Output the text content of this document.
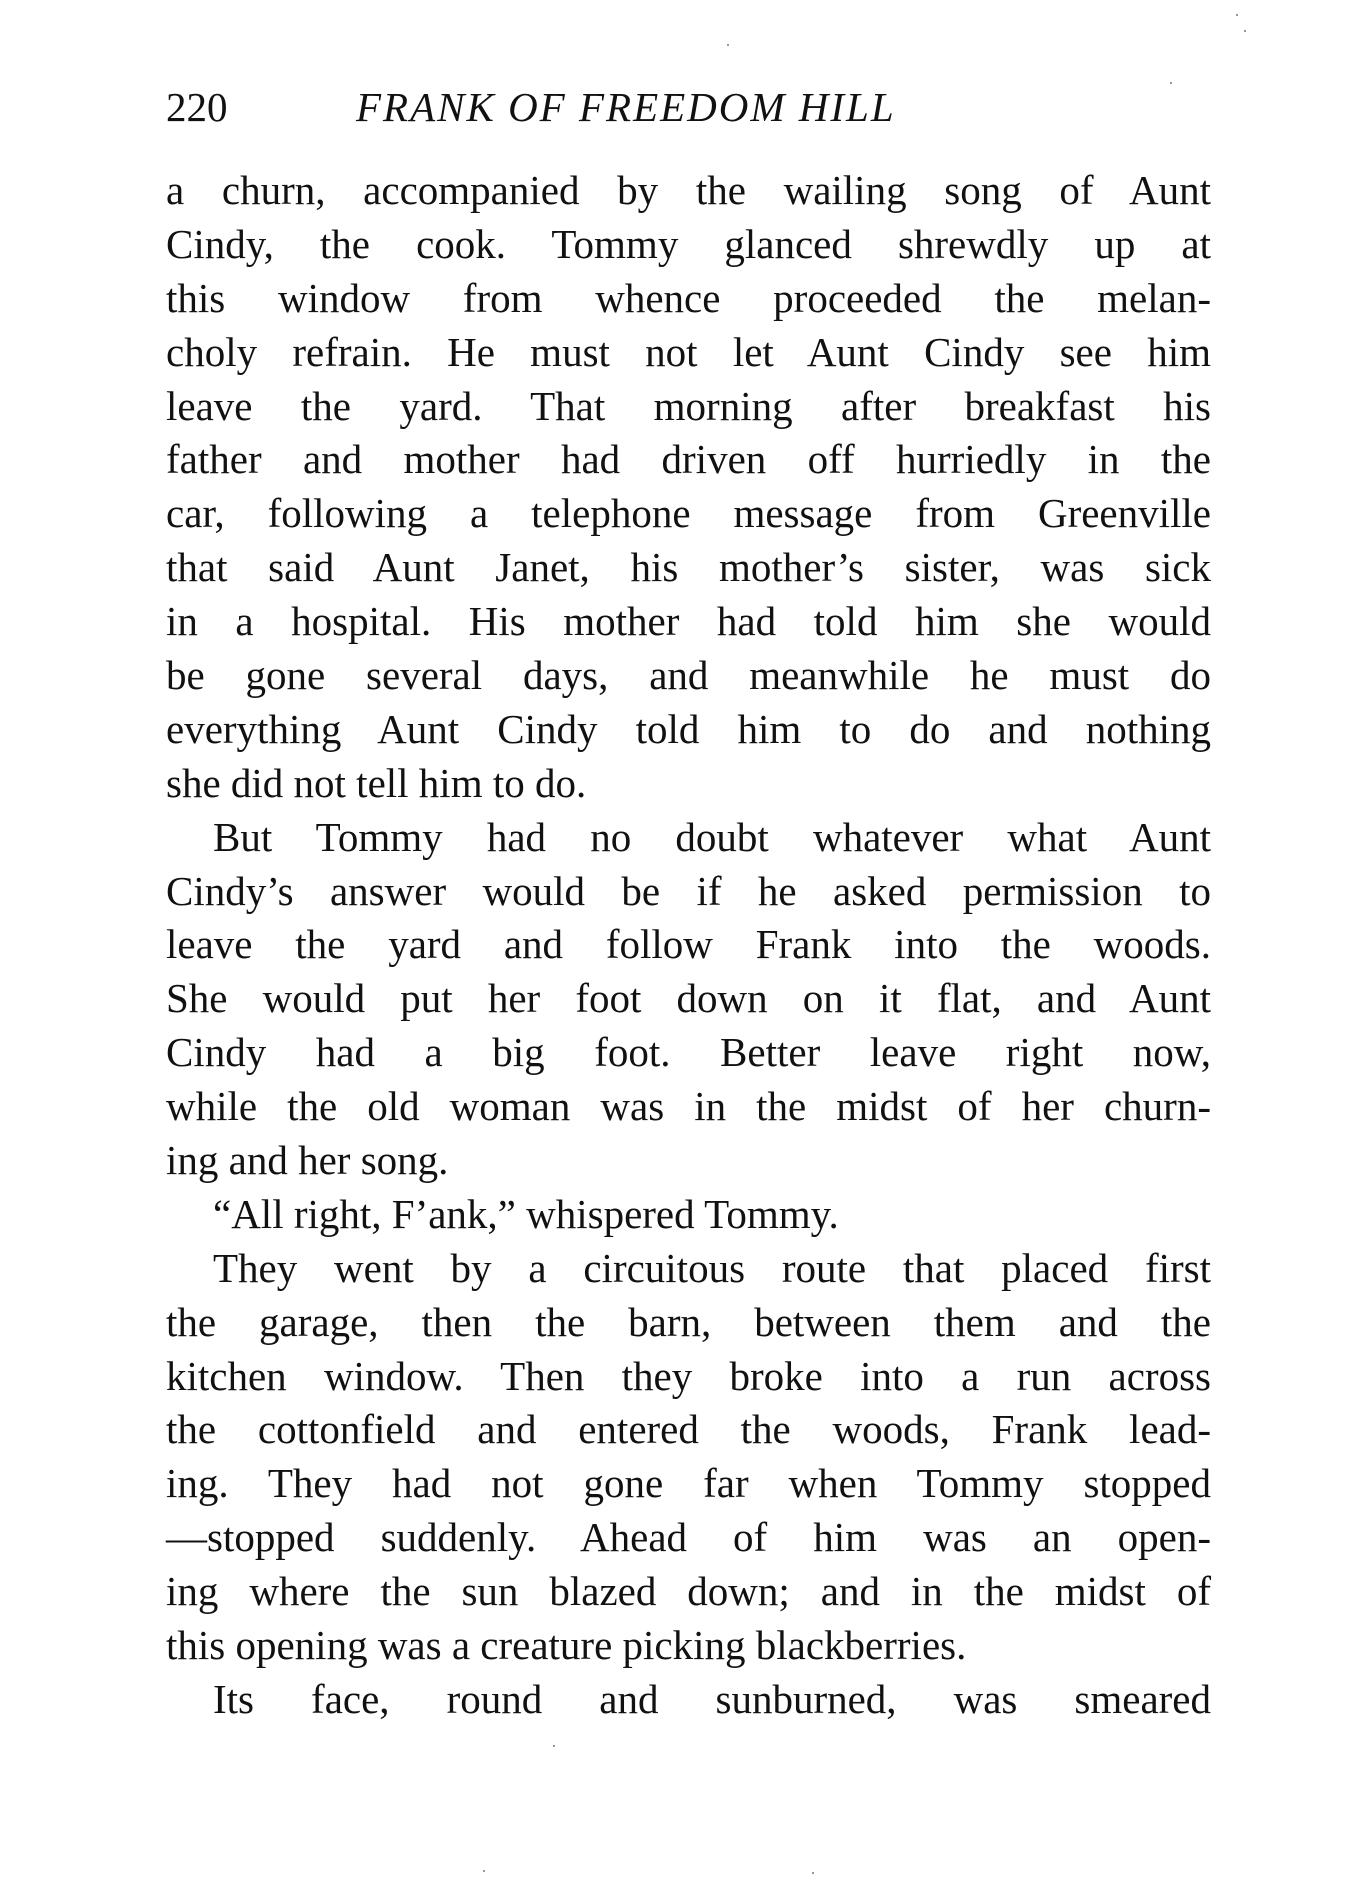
220	FRANK OF FREEDOM HILL
a churn, accompanied by the wailing song of Aunt
Cindy, the cook. Tommy glanced shrewdly up at
this window from whence proceeded the melan-
choly refrain. He must not let Aunt Cindy see him
leave the yard. That morning after breakfast his
father and mother had driven off hurriedly in the
car, following a telephone message from Greenville
that said Aunt Janet, his mother’s sister, was sick
in a hospital. His mother had told him she would
be gone several days, and meanwhile he must do
everything Aunt Cindy told him to do and nothing
she did not tell him to do.
But Tommy had no doubt whatever what Aunt
Cindy’s answer would be if he asked permission to
leave the yard and follow Frank into the woods.
She would put her foot down on it flat, and Aunt
Cindy had a big foot. Better leave right now,
while the old woman was in the midst of her churn-
ing and her song.
“All right, F’ank,” whispered Tommy.
They went by a circuitous route that placed first
the garage, then the barn, between them and the
kitchen window. Then they broke into a run across
the cottonfield and entered the woods, Frank lead-
ing. They had not gone far when Tommy stopped
—stopped suddenly. Ahead of him was an open-
ing where the sun blazed down; and in the midst of
this opening was a creature picking blackberries.
Its face, round and sunburned, was smeared
